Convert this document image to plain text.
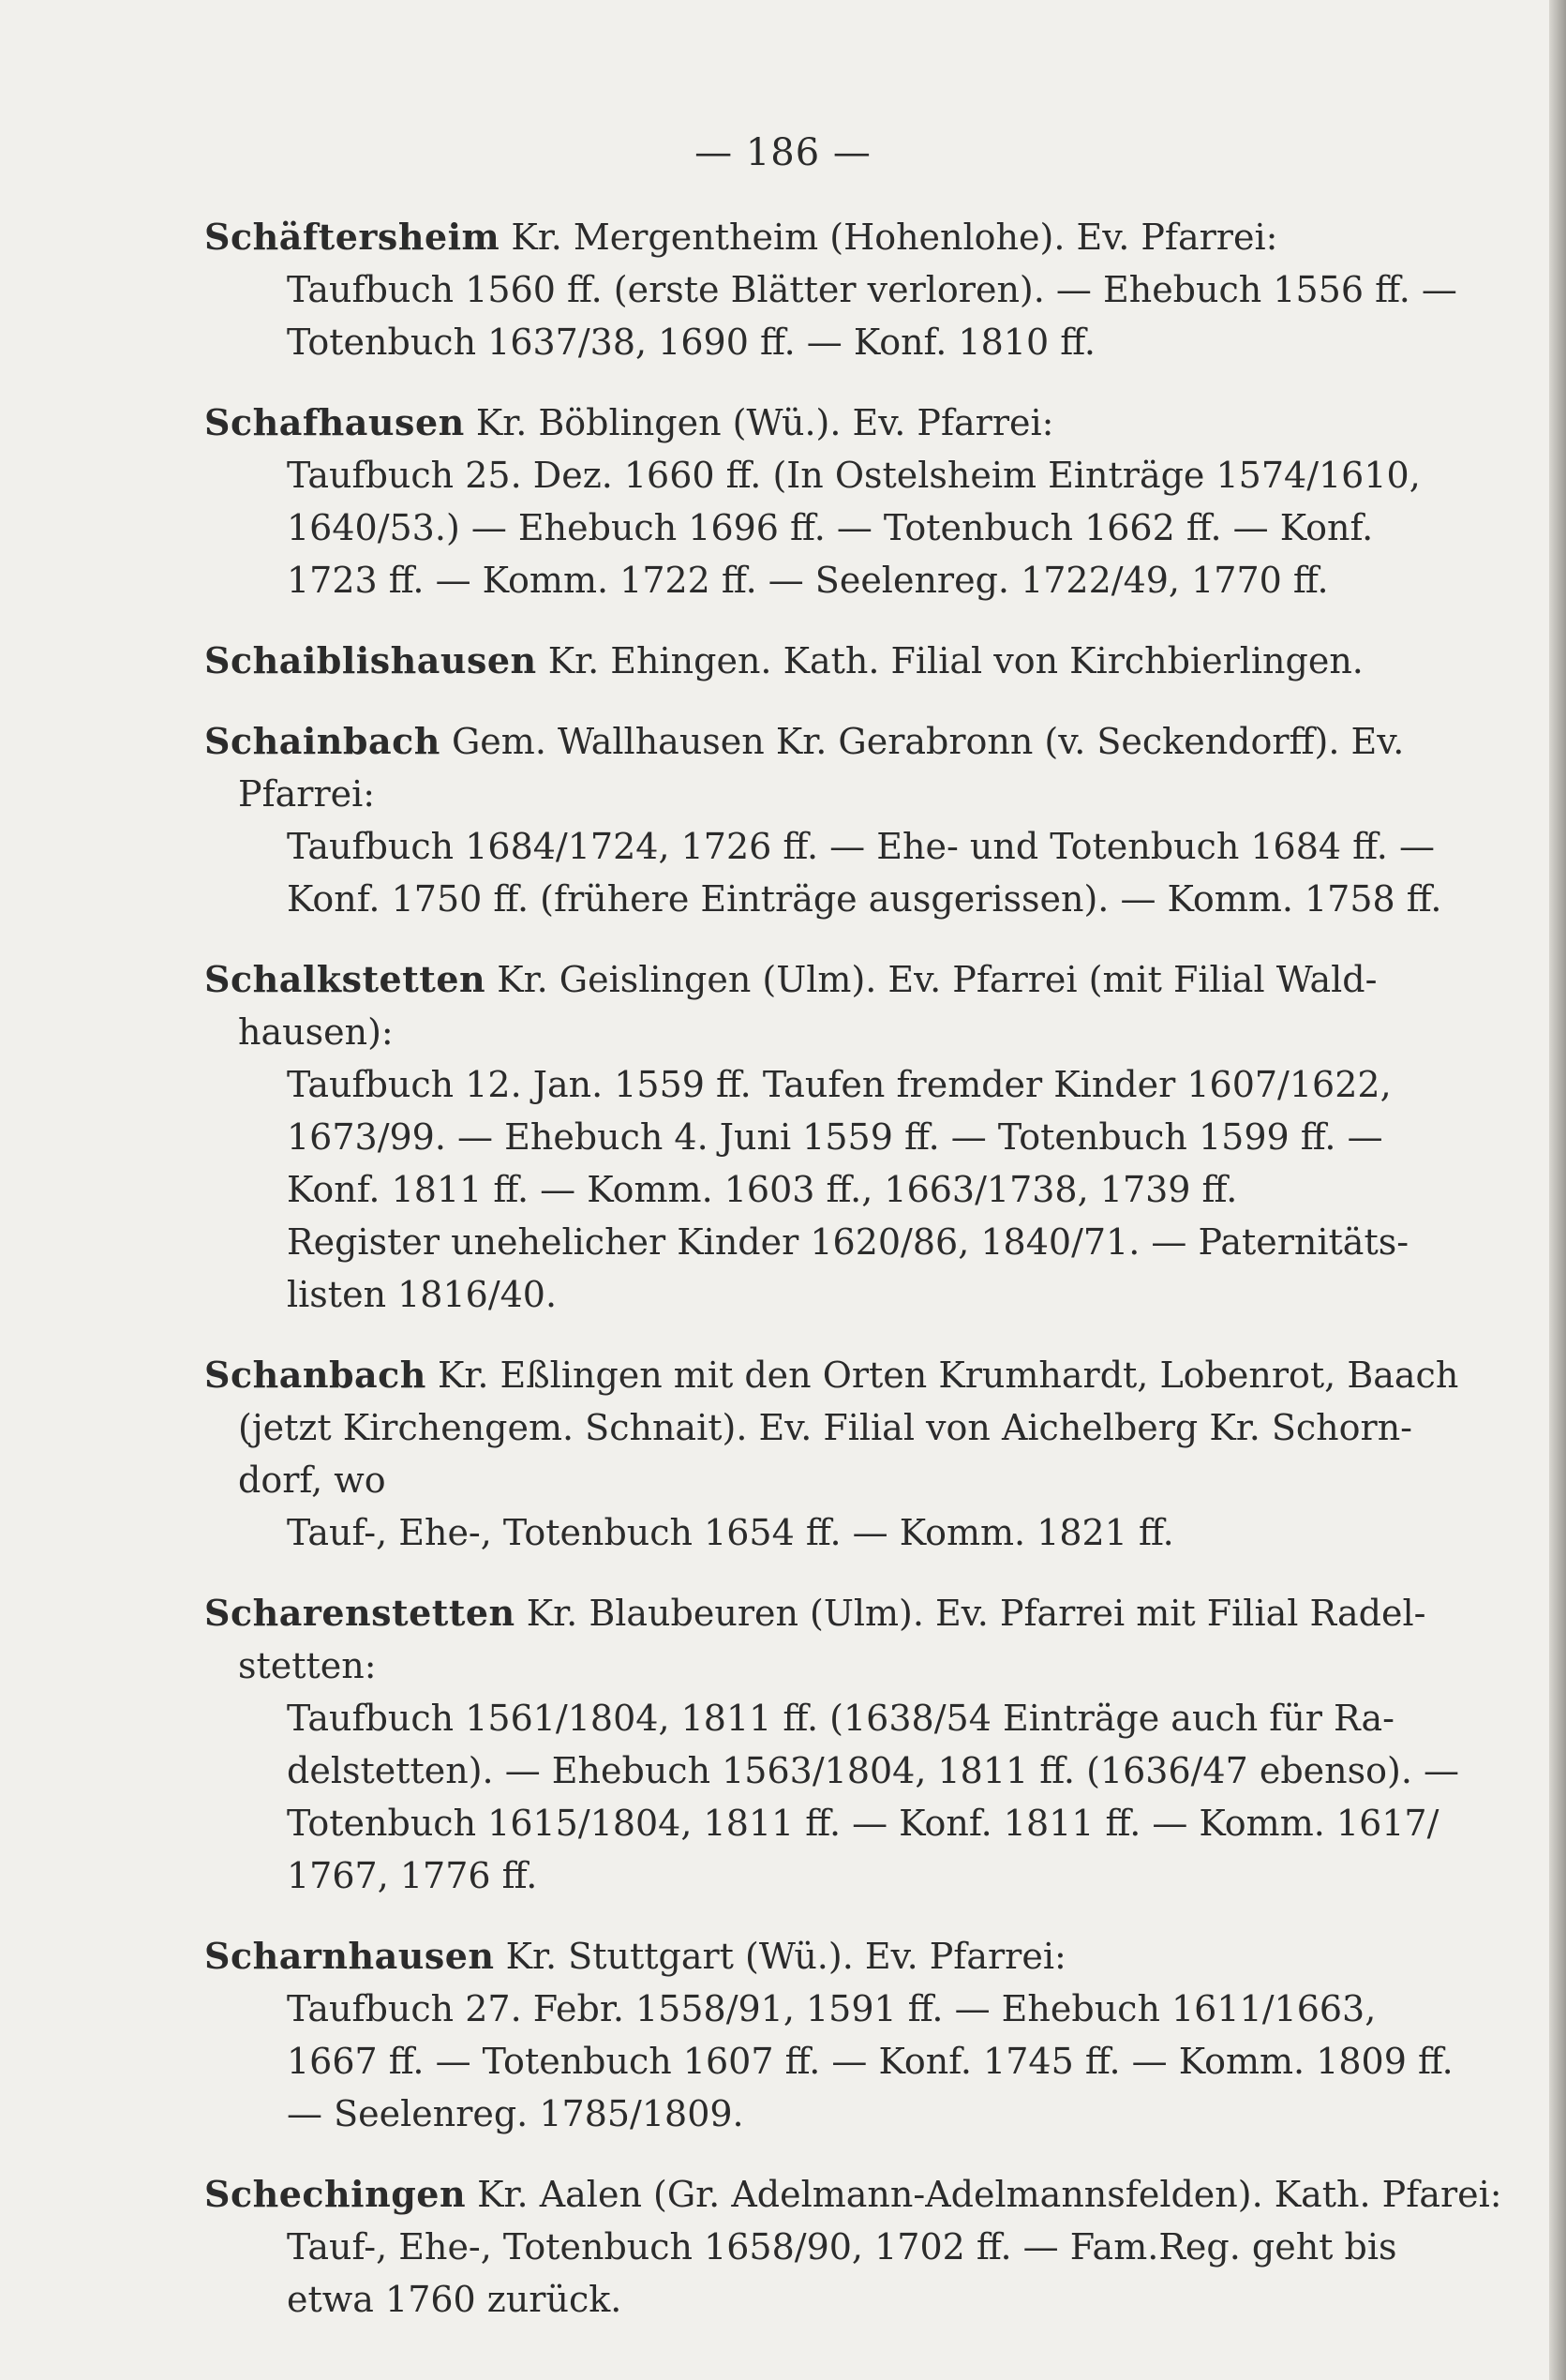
— 186 —
Schäftersheim Kr. Mergentheim (Hohenlohe). Ev. Pfarrei:
Taufbuch 1560 ff. (erste Blätter verloren). — Ehebuch 1556 ff. —
Totenbuch 1637/38, 1690 ff. — Konf. 1810 ff.
Schafhausen Kr. Böblingen (Wü.). Ev. Pfarrei:
Taufbuch 25. Dez. 1660 ff. (In Ostelsheim Einträge 1574/1610,
1640/53.) — Ehebuch 1696 ff. — Totenbuch 1662 ff. — Konf.
1723 ff. — Komm. 1722 ff. — Seelenreg. 1722/49, 1770 ff.
Schaiblishausen Kr. Ehingen. Kath. Filial von Kirchbierlingen.
Schainbach Gem. Wallhausen Kr. Gerabronn (v. Seckendorff). Ev.
Pfarrei:
Taufbuch 1684/1724, 1726 ff. — Ehe- und Totenbuch 1684 ff. —
Konf. 1750 ff. (frühere Einträge ausgerissen). — Komm. 1758 ff.
Schalkstetten Kr. Geislingen (Ulm). Ev. Pfarrei (mit Filial Wald-
hausen):
Taufbuch 12. Jan. 1559 ff. Taufen fremder Kinder 1607/1622,
1673/99. — Ehebuch 4. Juni 1559 ff. — Totenbuch 1599 ff. —
Konf. 1811 ff. — Komm. 1603 ff., 1663/1738, 1739 ff.
Register unehelicher Kinder 1620/86, 1840/71. — Paternitäts-
listen 1816/40.
Schanbach Kr. Eßlingen mit den Orten Krumhardt, Lobenrot, Baach
(jetzt Kirchengem. Schnait). Ev. Filial von Aichelberg Kr. Schorn-
dorf, wo
Tauf-, Ehe-, Totenbuch 1654 ff. — Komm. 1821 ff.
Scharenstetten Kr. Blaubeuren (Ulm). Ev. Pfarrei mit Filial Radel-
stetten:
Taufbuch 1561/1804, 1811 ff. (1638/54 Einträge auch für Ra-
delstetten). — Ehebuch 1563/1804, 1811 ff. (1636/47 ebenso). —
Totenbuch 1615/1804, 1811 ff. — Konf. 1811 ff. — Komm. 1617/
1767, 1776 ff.
Scharnhausen Kr. Stuttgart (Wü.). Ev. Pfarrei:
Taufbuch 27. Febr. 1558/91, 1591 ff. — Ehebuch 1611/1663,
1667 ff. — Totenbuch 1607 ff. — Konf. 1745 ff. — Komm. 1809 ff.
— Seelenreg. 1785/1809.
Schechingen Kr. Aalen (Gr. Adelmann-Adelmannsfelden). Kath. Pfarei:
Tauf-, Ehe-, Totenbuch 1658/90, 1702 ff. — Fam.Reg. geht bis
etwa 1760 zurück.
